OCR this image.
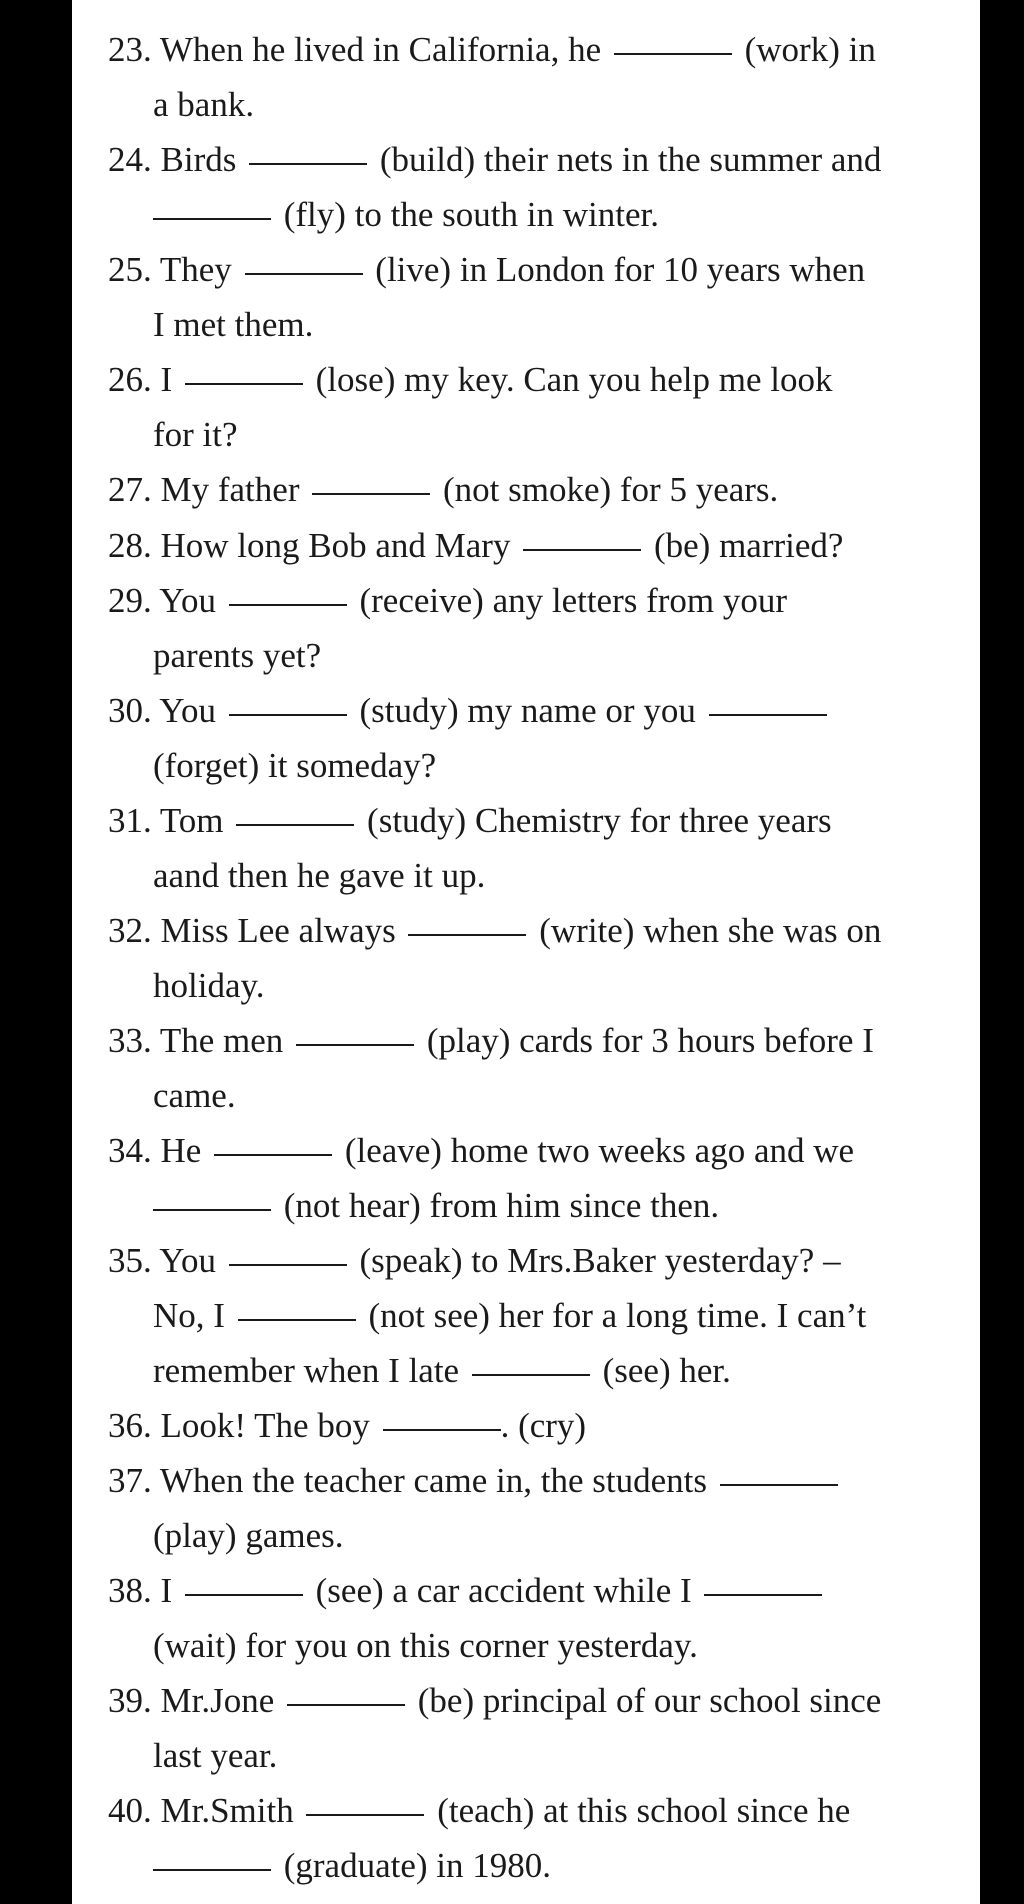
23. When he lived in California, he	(work) in
a bank.
24. Birds	(build) their nets in the summer and
(fly) to the south in winter.
25. They	(live) in London for 10 years when
I met them.
26. I	(lose) my key. Can you help me look
for it?
27. My father	(not smoke) for 5 years.
28. How long Bob and Mary	(be) married?
29. You	(receive) any letters from your
parents yet?
30. You	(study) my name or you
(forget) it someday?
31. Tom	(study) Chemistry for three years
aand then he gave it up.
32. Miss Lee always	(write) when she was on
holiday.
33. The men	(play) cards for 3 hours before I
came.
34. He	(leave) home two weeks ago and we
(not hear) from him since then.
35. You	(speak) to Mrs.Baker yesterday? –
No, I	(not see) her for a long time. I can’t
remember when I late	(see) her.
36. Look! The boy	. (cry)
37. When the teacher came in, the students
(play) games.
38. I	(see) a car accident while I
(wait) for you on this corner yesterday.
39. Mr.Jone	(be) principal of our school since
last year.
40. Mr.Smith	(teach) at this school since he
(graduate) in 1980.
